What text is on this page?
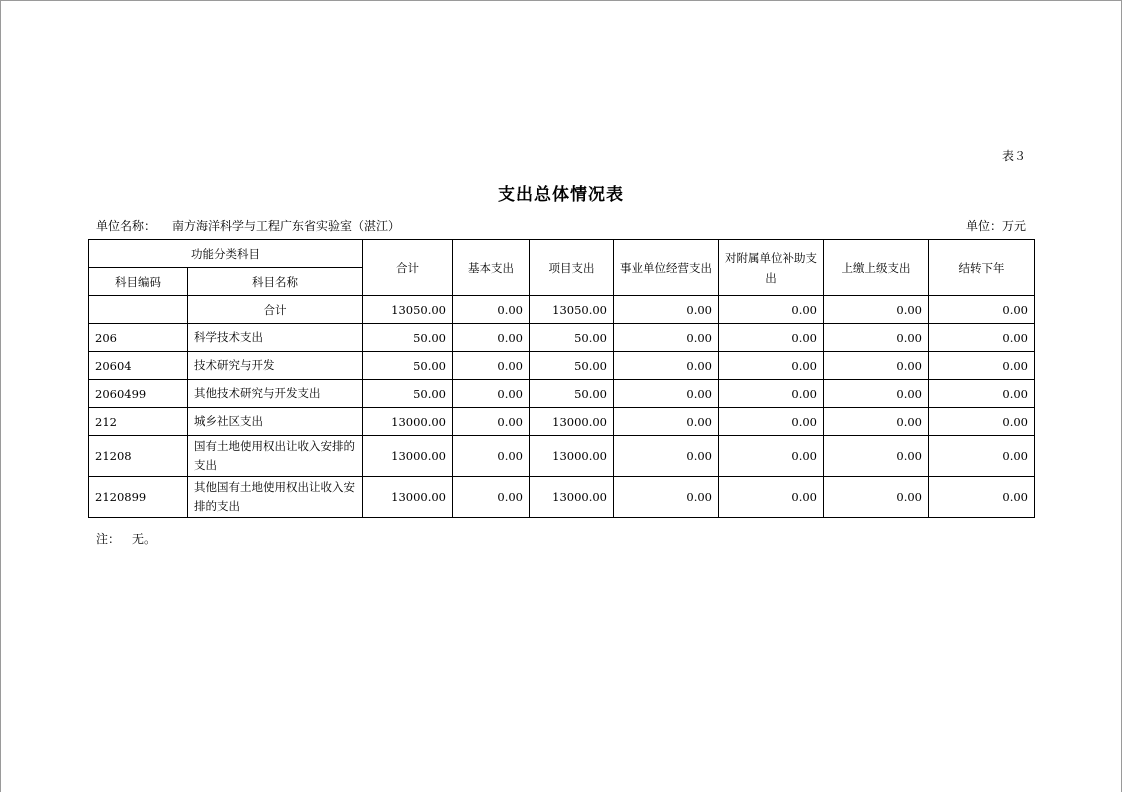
表３
支出总体情况表
单位名称： 南方海洋科学与工程广东省实验室（湛江）	单位：万元
功能分类科目		合计	基本支出	项目支出	事业单位经营支出	对附属单位补助支出	上缴上级支出	结转下年
科目编码	科目名称							
	合计	13050.00	0.00	13050.00	0.00	0.00	0.00	0.00
206	科学技术支出	50.00	0.00	50.00	0.00	0.00	0.00	0.00
20604	技术研究与开发	50.00	0.00	50.00	0.00	0.00	0.00	0.00
2060499	其他技术研究与开发支出	50.00	0.00	50.00	0.00	0.00	0.00	0.00
212	城乡社区支出	13000.00	0.00	13000.00	0.00	0.00	0.00	0.00
21208	国有土地使用权出让收入安排的支出	13000.00	0.00	13000.00	0.00	0.00	0.00	0.00
2120899	其他国有土地使用权出让收入安排的支出	13000.00	0.00	13000.00	0.00	0.00	0.00	0.00
注： 无。
